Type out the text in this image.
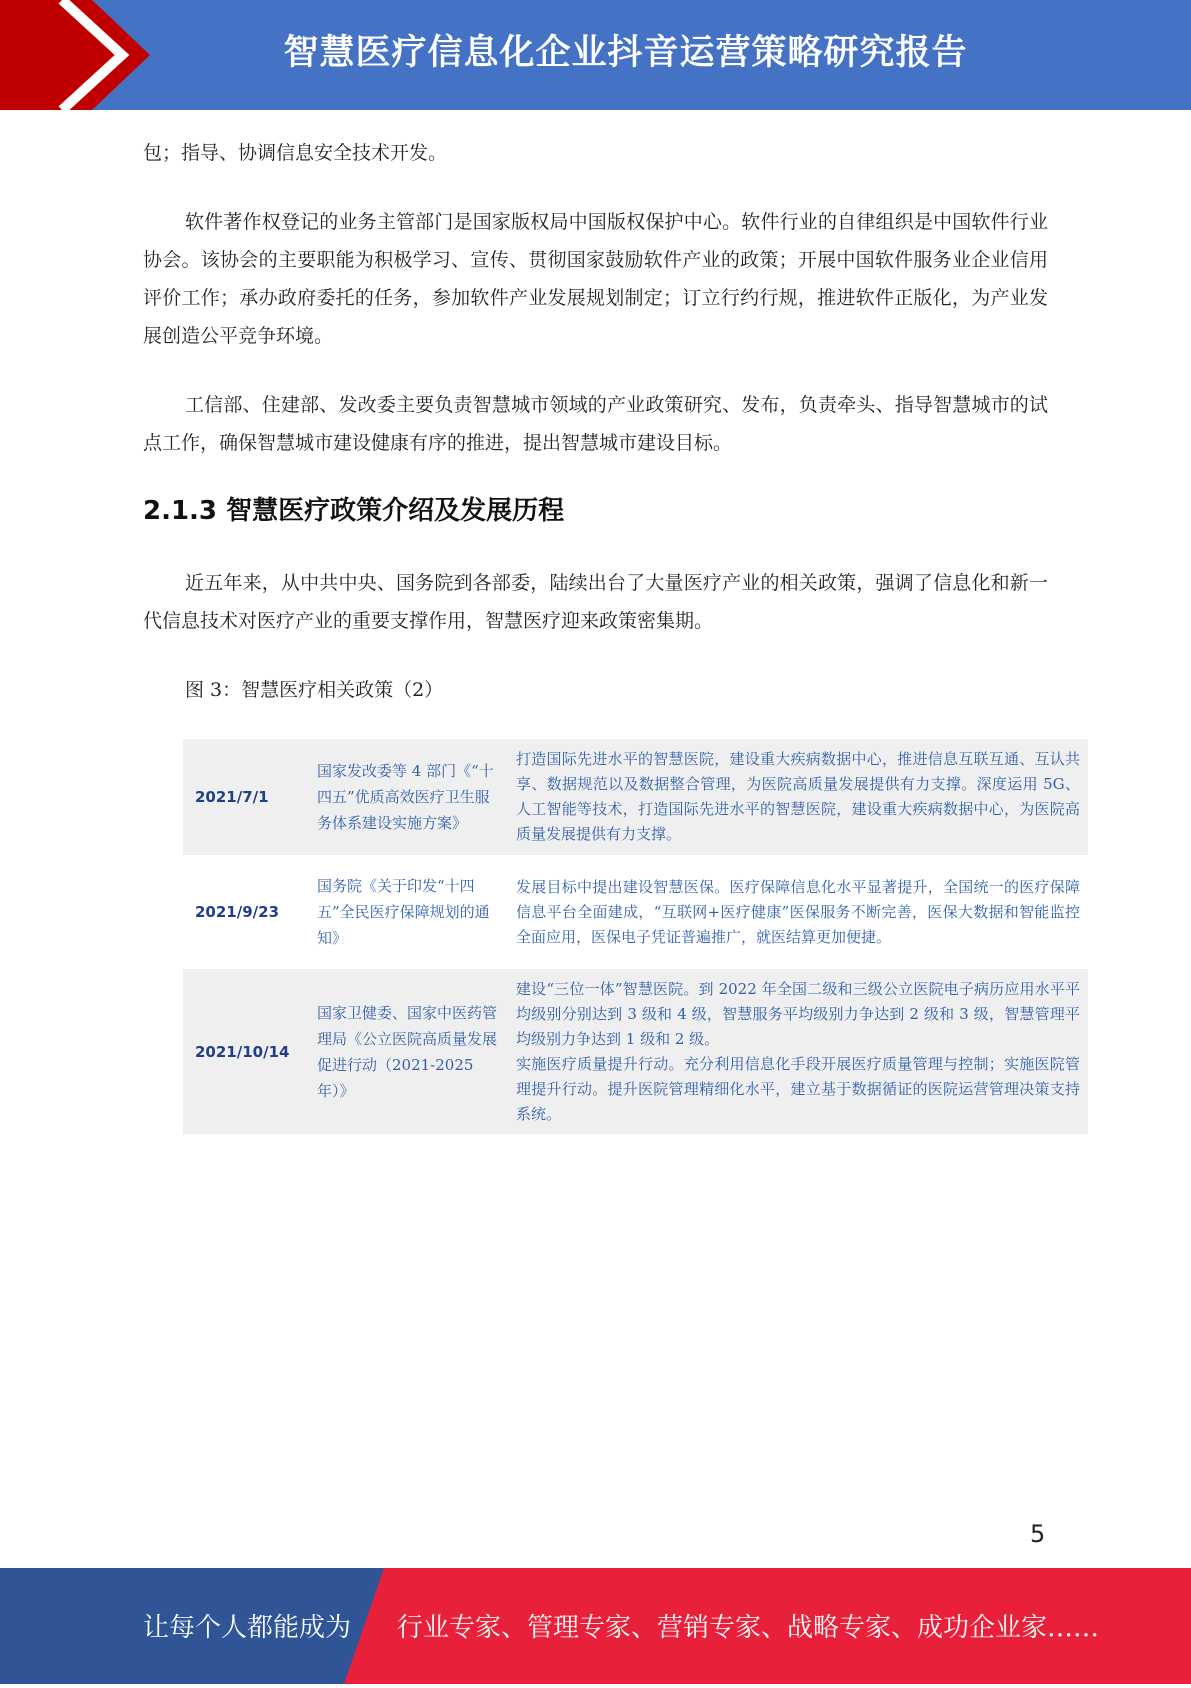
智慧医疗信息化企业抖音运营策略研究报告

包；指导、协调信息安全技术开发。

软件著作权登记的业务主管部门是国家版权局中国版权保护中心。软件行业的自律组织是中国软件行业协会。该协会的主要职能为积极学习、宣传、贯彻国家鼓励软件产业的政策；开展中国软件服务业企业信用评价工作；承办政府委托的任务，参加软件产业发展规划制定；订立行约行规，推进软件正版化，为产业发展创造公平竞争环境。

工信部、住建部、发改委主要负责智慧城市领域的产业政策研究、发布，负责牵头、指导智慧城市的试点工作，确保智慧城市建设健康有序的推进，提出智慧城市建设目标。

2.1.3 智慧医疗政策介绍及发展历程

近五年来，从中共中央、国务院到各部委，陆续出台了大量医疗产业的相关政策，强调了信息化和新一代信息技术对医疗产业的重要支撑作用，智慧医疗迎来政策密集期。

图 3：智慧医疗相关政策（2）

2021/7/1	国家发改委等 4 部门《“十四五”优质高效医疗卫生服务体系建设实施方案》	打造国际先进水平的智慧医院，建设重大疾病数据中心，推进信息互联互通、互认共享、数据规范以及数据整合管理，为医院高质量发展提供有力支撑。深度运用 5G、人工智能等技术，打造国际先进水平的智慧医院，建设重大疾病数据中心，为医院高质量发展提供有力支撑。

2021/9/23	国务院《关于印发“十四五”全民医疗保障规划的通知》	发展目标中提出建设智慧医保。医疗保障信息化水平显著提升，全国统一的医疗保障信息平台全面建成，“互联网+医疗健康”医保服务不断完善，医保大数据和智能监控全面应用，医保电子凭证普遍推广，就医结算更加便捷。

2021/10/14	国家卫健委、国家中医药管理局《公立医院高质量发展促进行动（2021-2025 年）》	建设“三位一体”智慧医院。到 2022 年全国二级和三级公立医院电子病历应用水平平均级别分别达到 3 级和 4 级，智慧服务平均级别力争达到 2 级和 3 级，智慧管理平均级别力争达到 1 级和 2 级。
实施医疗质量提升行动。充分利用信息化手段开展医疗质量管理与控制；实施医院管理提升行动。提升医院管理精细化水平，建立基于数据循证的医院运营管理决策支持系统。
5
让每个人都能成为 行业专家、管理专家、营销专家、战略专家、成功企业家……
